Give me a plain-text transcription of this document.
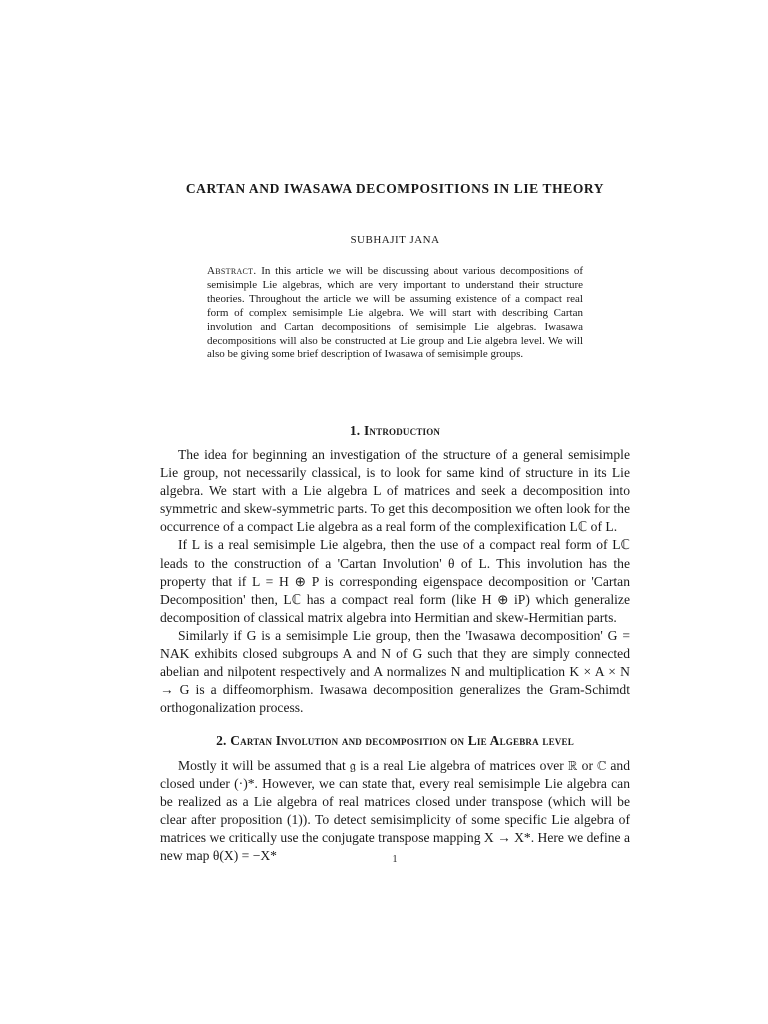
CARTAN AND IWASAWA DECOMPOSITIONS IN LIE THEORY

SUBHAJIT JANA

Abstract. In this article we will be discussing about various decompositions of semisimple Lie algebras, which are very important to understand their structure theories. Throughout the article we will be assuming existence of a compact real form of complex semisimple Lie algebra. We will start with describing Cartan involution and Cartan decompositions of semisimple Lie algebras. Iwasawa decompositions will also be constructed at Lie group and Lie algebra level. We will also be giving some brief description of Iwasawa of semisimple groups.

1. Introduction

The idea for beginning an investigation of the structure of a general semisimple Lie group, not necessarily classical, is to look for same kind of structure in its Lie algebra. We start with a Lie algebra L of matrices and seek a decomposition into symmetric and skew-symmetric parts. To get this decomposition we often look for the occurrence of a compact Lie algebra as a real form of the complexification Lℂ of L.

If L is a real semisimple Lie algebra, then the use of a compact real form of Lℂ leads to the construction of a 'Cartan Involution' θ of L. This involution has the property that if L = H ⊕ P is corresponding eigenspace decomposition or 'Cartan Decomposition' then, Lℂ has a compact real form (like H ⊕ iP) which generalize decomposition of classical matrix algebra into Hermitian and skew-Hermitian parts.

Similarly if G is a semisimple Lie group, then the 'Iwasawa decomposition' G = NAK exhibits closed subgroups A and N of G such that they are simply connected abelian and nilpotent respectively and A normalizes N and multiplication K × A × N → G is a diffeomorphism. Iwasawa decomposition generalizes the Gram-Schimdt orthogonalization process.

2. Cartan Involution and decomposition on Lie Algebra level

Mostly it will be assumed that 𝔤 is a real Lie algebra of matrices over ℝ or ℂ and closed under (·)*. However, we can state that, every real semisimple Lie algebra can be realized as a Lie algebra of real matrices closed under transpose (which will be clear after proposition (1)). To detect semisimplicity of some specific Lie algebra of matrices we critically use the conjugate transpose mapping X → X*. Here we define a new map θ(X) = −X*	1
